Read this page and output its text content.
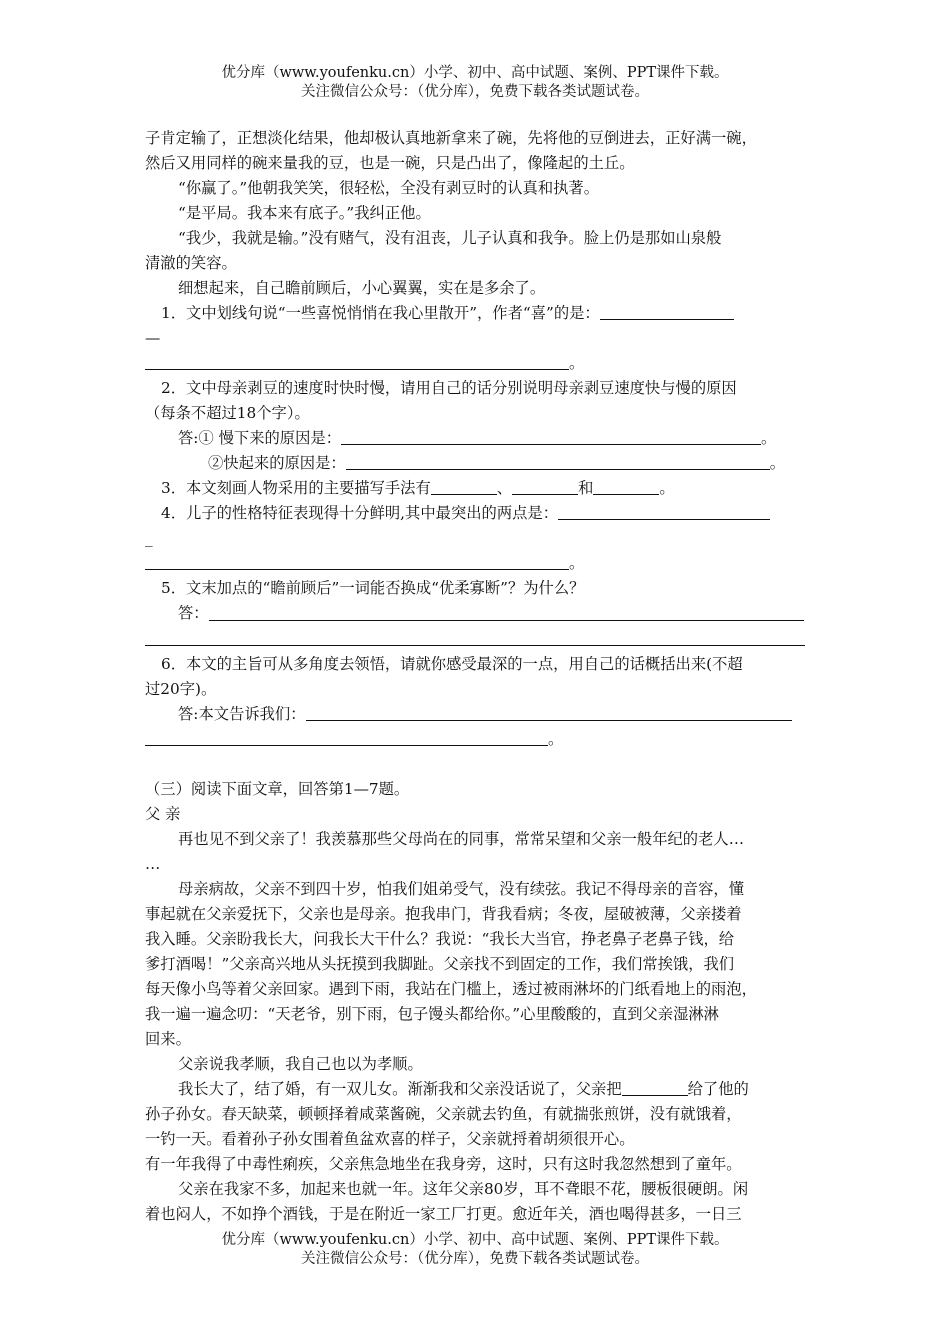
优分库（www.youfenku.cn）小学、初中、高中试题、案例、PPT课件下载。
关注微信公众号：（优分库），免费下载各类试题试卷。

子肯定输了，正想淡化结果，他却极认真地新拿来了碗，先将他的豆倒进去，正好满一碗，

然后又用同样的碗来量我的豆，也是一碗，只是凸出了，像隆起的土丘。

“你赢了。”他朝我笑笑，很轻松，全没有剥豆时的认真和执著。

“是平局。我本来有底子。”我纠正他。

“我少，我就是输。”没有赌气，没有沮丧，儿子认真和我争。脸上仍是那如山泉般

清澈的笑容。

细想起来，自己瞻前顾后，小心翼翼，实在是多余了。

1．文中划线句说“一些喜悦悄悄在我心里散开”，作者“喜”的是：

—

。

2．文中母亲剥豆的速度时快时慢，请用自己的话分别说明母亲剥豆速度快与慢的原因

（每条不超过18个字）。

答:① 慢下来的原因是：	。

②快起来的原因是：	。

3．本文刻画人物采用的主要描写手法有	、	和	。

4．儿子的性格特征表现得十分鲜明,其中最突出的两点是：

_

。

5．文末加点的“瞻前顾后”一词能否换成“优柔寡断”？为什么？

答：

6．本文的主旨可从多角度去领悟，请就你感受最深的一点，用自己的话概括出来(不超

过20字)。

答:本文告诉我们：

。

（三）阅读下面文章，回答第1—7题。

父 亲

再也见不到父亲了！我羡慕那些父母尚在的同事，常常呆望和父亲一般年纪的老人…

…

母亲病故，父亲不到四十岁，怕我们姐弟受气，没有续弦。我记不得母亲的音容，懂

事起就在父亲爱抚下，父亲也是母亲。抱我串门，背我看病；冬夜，屋破被薄，父亲搂着

我入睡。父亲盼我长大，问我长大干什么？我说：“我长大当官，挣老鼻子老鼻子钱，给

爹打酒喝！”父亲高兴地从头抚摸到我脚趾。父亲找不到固定的工作，我们常挨饿，我们

每天像小鸟等着父亲回家。遇到下雨，我站在门槛上，透过被雨淋坏的门纸看地上的雨泡，

我一遍一遍念叨：“天老爷，别下雨，包子馒头都给你。”心里酸酸的，直到父亲湿淋淋

回来。

父亲说我孝顺，我自己也以为孝顺。

我长大了，结了婚，有一双儿女。渐渐我和父亲没话说了，父亲把	给了他的

孙子孙女。春天缺菜，顿顿择着咸菜酱碗，父亲就去钓鱼，有就揣张煎饼，没有就饿着，

一钓一天。看着孙子孙女围着鱼盆欢喜的样子，父亲就捋着胡须很开心。

有一年我得了中毒性痢疾，父亲焦急地坐在我身旁，这时，只有这时我忽然想到了童年。

父亲在我家不多，加起来也就一年。这年父亲80岁，耳不聋眼不花，腰板很硬朗。闲

着也闷人，不如挣个酒钱，于是在附近一家工厂打更。愈近年关，酒也喝得甚多，一日三

优分库（www.youfenku.cn）小学、初中、高中试题、案例、PPT课件下载。
关注微信公众号：（优分库），免费下载各类试题试卷。
